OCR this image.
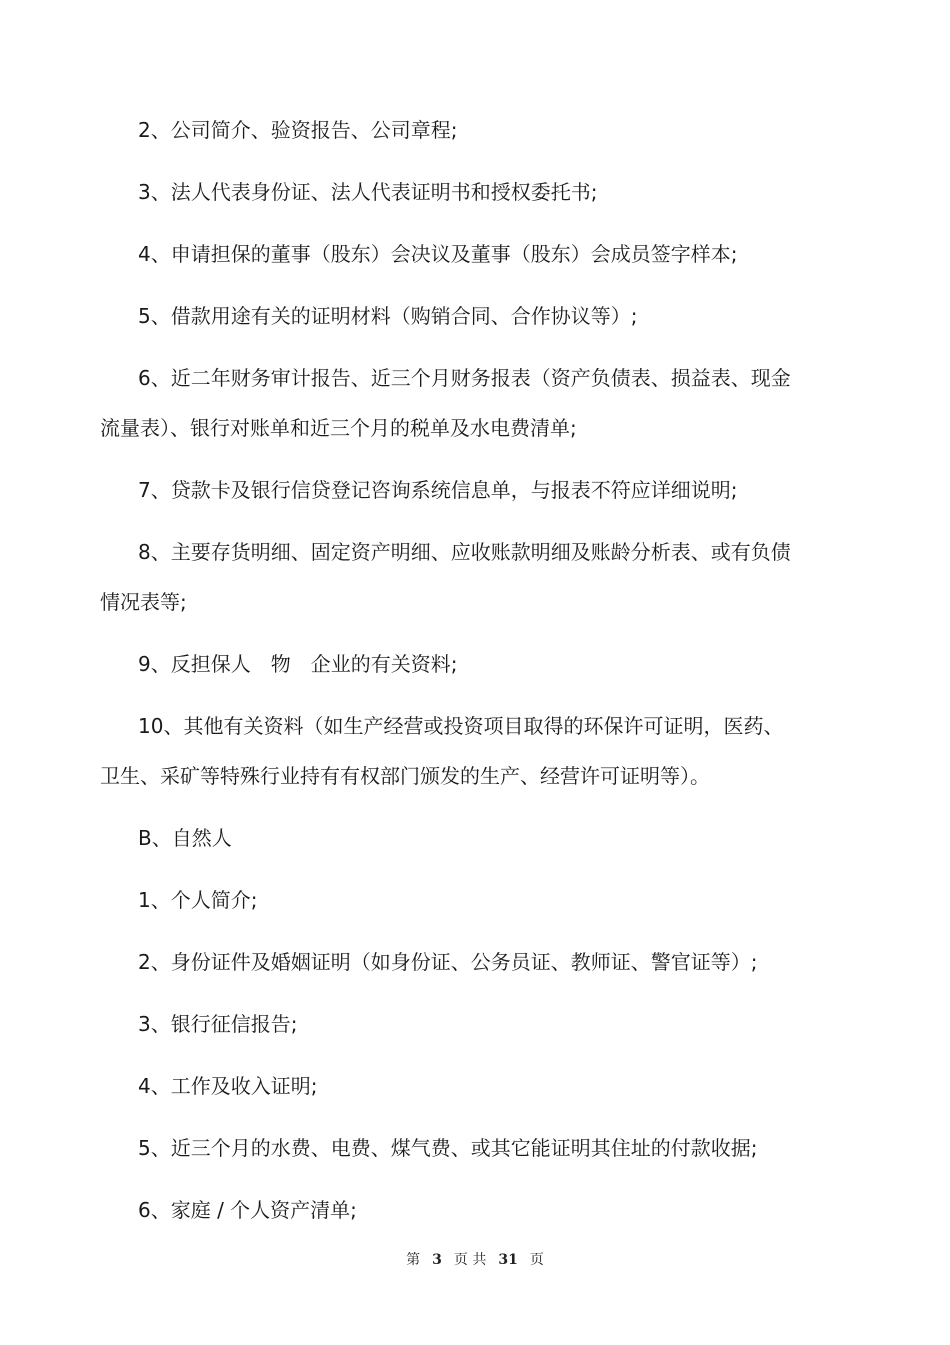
2、公司简介、验资报告、公司章程;
3、法人代表身份证、法人代表证明书和授权委托书;
4、申请担保的董事（股东）会决议及董事（股东）会成员签字样本;
5、借款用途有关的证明材料（购销合同、合作协议等）;
6、近二年财务审计报告、近三个月财务报表（资产负债表、损益表、现金
流量表）、银行对账单和近三个月的税单及水电费清单;
7、贷款卡及银行信贷登记咨询系统信息单，与报表不符应详细说明;
8、主要存货明细、固定资产明细、应收账款明细及账龄分析表、或有负债
情况表等;
9、反担保人　物　企业的有关资料;
10、其他有关资料（如生产经营或投资项目取得的环保许可证明，医药、
卫生、采矿等特殊行业持有有权部门颁发的生产、经营许可证明等）。
B、自然人
1、个人简介;
2、身份证件及婚姻证明（如身份证、公务员证、教师证、警官证等）;
3、银行征信报告;
4、工作及收入证明;
5、近三个月的水费、电费、煤气费、或其它能证明其住址的付款收据;
6、家庭 / 个人资产清单;
第 3 页 共 31 页
